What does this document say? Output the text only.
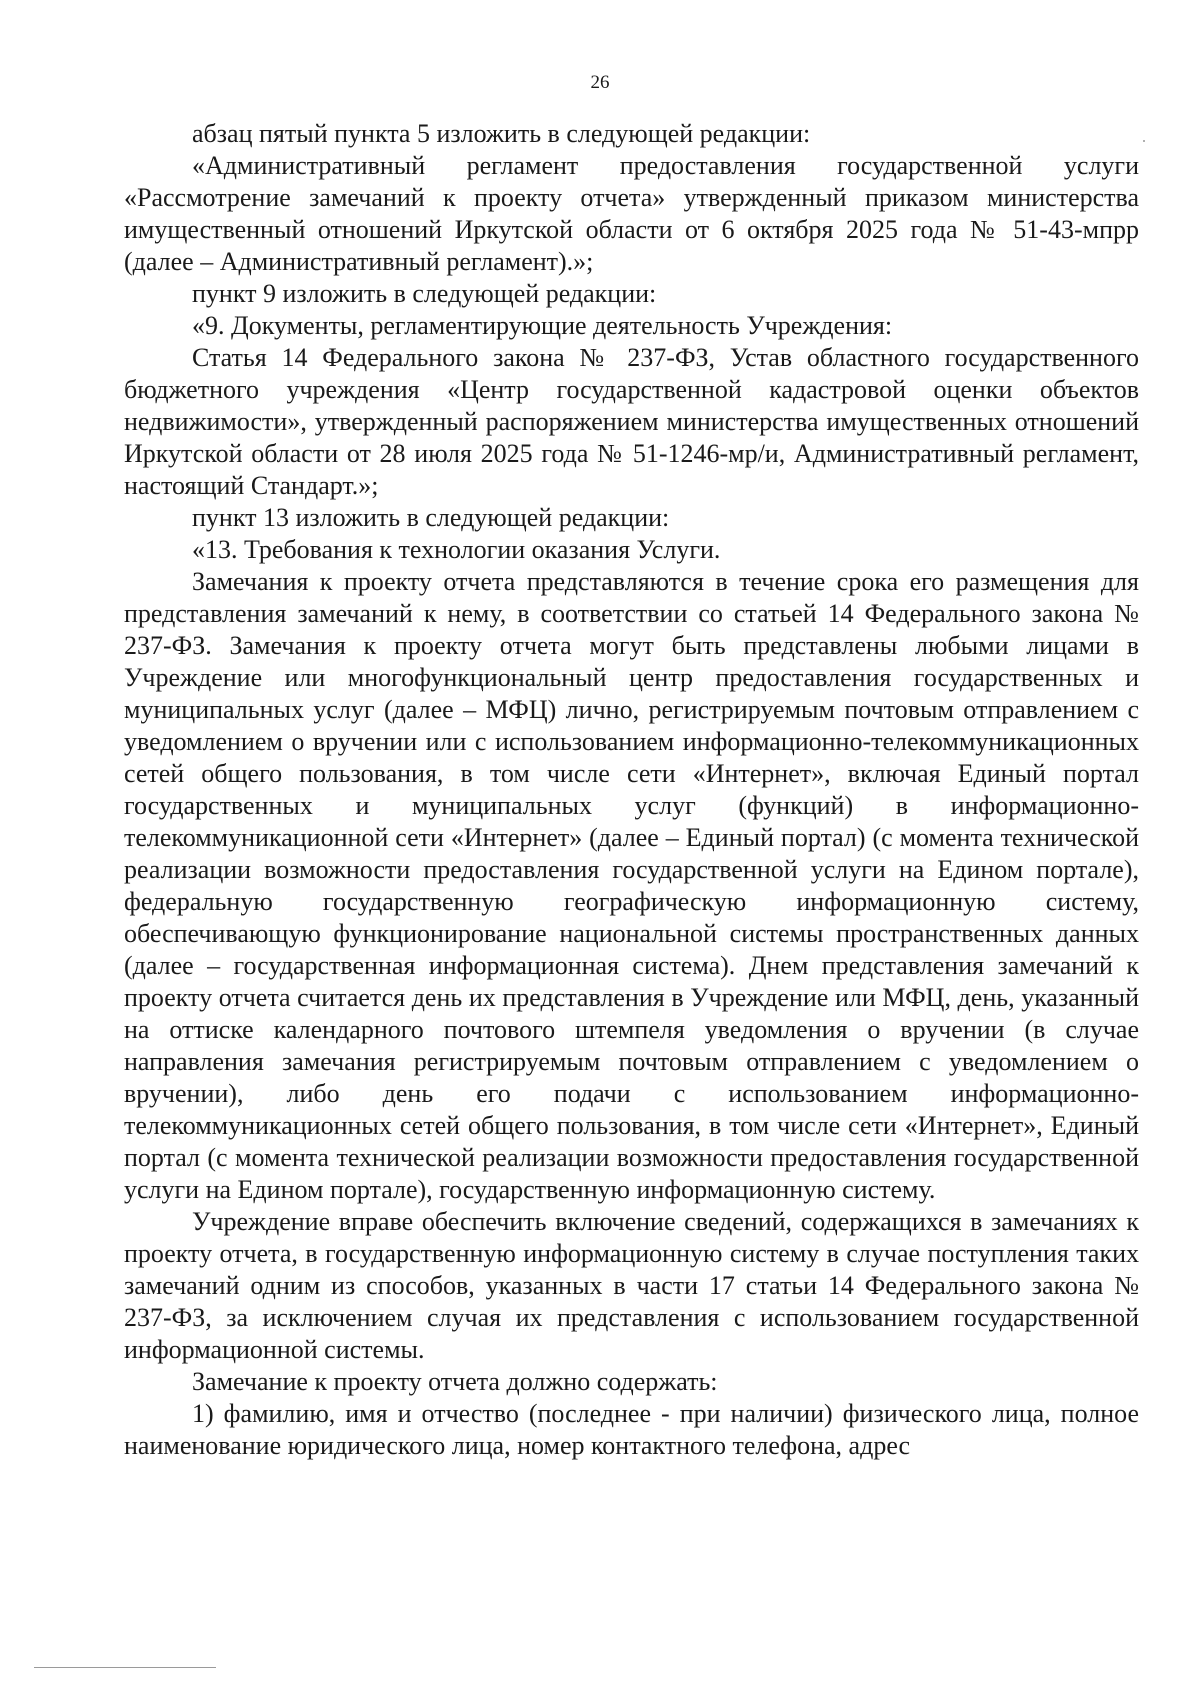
26

абзац пятый пункта 5 изложить в следующей редакции:

«Административный регламент предоставления государственной услуги «Рассмотрение замечаний к проекту отчета» утвержденный приказом министерства имущественный отношений Иркутской области от 6 октября 2025 года № 51-43-мпрр (далее – Административный регламент).»;

пункт 9 изложить в следующей редакции:

«9. Документы, регламентирующие деятельность Учреждения:

Статья 14 Федерального закона № 237-ФЗ, Устав областного государственного бюджетного учреждения «Центр государственной кадастровой оценки объектов недвижимости», утвержденный распоряжением министерства имущественных отношений Иркутской области от 28 июля 2025 года № 51-1246-мр/и, Административный регламент, настоящий Стандарт.»;

пункт 13 изложить в следующей редакции:

«13. Требования к технологии оказания Услуги.

Замечания к проекту отчета представляются в течение срока его размещения для представления замечаний к нему, в соответствии со статьей 14 Федерального закона № 237-ФЗ. Замечания к проекту отчета могут быть представлены любыми лицами в Учреждение или многофункциональный центр предоставления государственных и муниципальных услуг (далее – МФЦ) лично, регистрируемым почтовым отправлением с уведомлением о вручении или с использованием информационно-телекоммуникационных сетей общего пользования, в том числе сети «Интернет», включая Единый портал государственных и муниципальных услуг (функций) в информационно-телекоммуникационной сети «Интернет» (далее – Единый портал) (с момента технической реализации возможности предоставления государственной услуги на Едином портале), федеральную государственную географическую информационную систему, обеспечивающую функционирование национальной системы пространственных данных (далее – государственная информационная система). Днем представления замечаний к проекту отчета считается день их представления в Учреждение или МФЦ, день, указанный на оттиске календарного почтового штемпеля уведомления о вручении (в случае направления замечания регистрируемым почтовым отправлением с уведомлением о вручении), либо день его подачи с использованием информационно-телекоммуникационных сетей общего пользования, в том числе сети «Интернет», Единый портал (с момента технической реализации возможности предоставления государственной услуги на Едином портале), государственную информационную систему.

Учреждение вправе обеспечить включение сведений, содержащихся в замечаниях к проекту отчета, в государственную информационную систему в случае поступления таких замечаний одним из способов, указанных в части 17 статьи 14 Федерального закона № 237-ФЗ, за исключением случая их представления с использованием государственной информационной системы.

Замечание к проекту отчета должно содержать:

1) фамилию, имя и отчество (последнее - при наличии) физического лица, полное наименование юридического лица, номер контактного телефона, адрес
